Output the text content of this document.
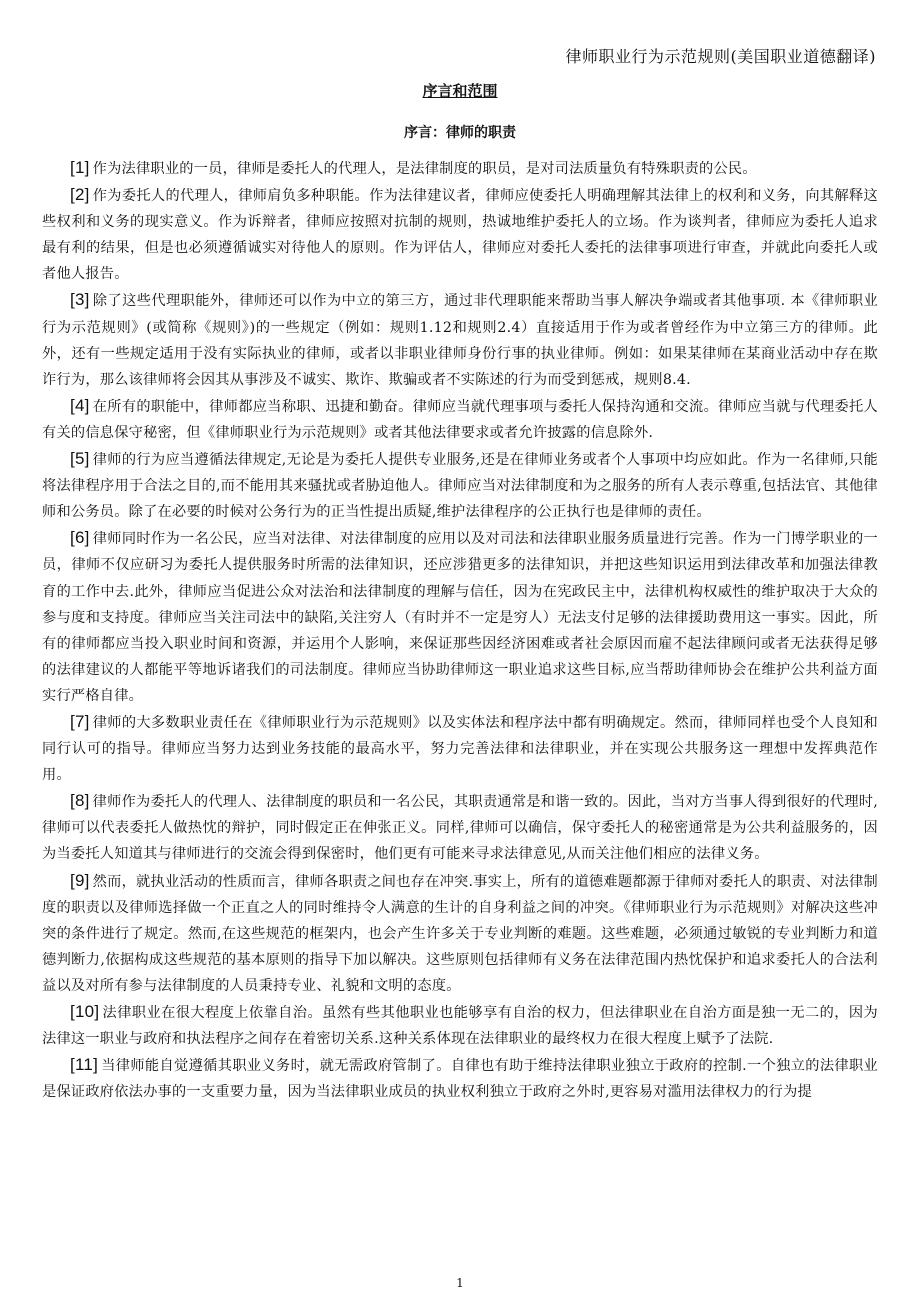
律师职业行为示范规则(美国职业道德翻译)
序言和范围
序言：律师的职责

[1] 作为法律职业的一员，律师是委托人的代理人，是法律制度的职员，是对司法质量负有特殊职责的公民。

[2] 作为委托人的代理人，律师肩负多种职能。作为法律建议者，律师应使委托人明确理解其法律上的权利和义务，向其解释这些权利和义务的现实意义。作为诉辩者，律师应按照对抗制的规则，热诚地维护委托人的立场。作为谈判者，律师应为委托人追求最有利的结果，但是也必须遵循诚实对待他人的原则。作为评估人，律师应对委托人委托的法律事项进行审查，并就此向委托人或者他人报告。

[3] 除了这些代理职能外，律师还可以作为中立的第三方，通过非代理职能来帮助当事人解决争端或者其他事项. 本《律师职业行为示范规则》(或简称《规则》)的一些规定（例如：规则1.12和规则2.4）直接适用于作为或者曾经作为中立第三方的律师。此外，还有一些规定适用于没有实际执业的律师，或者以非职业律师身份行事的执业律师。例如：如果某律师在某商业活动中存在欺诈行为，那么该律师将会因其从事涉及不诚实、欺诈、欺骗或者不实陈述的行为而受到惩戒，规则8.4.

[4] 在所有的职能中，律师都应当称职、迅捷和勤奋。律师应当就代理事项与委托人保持沟通和交流。律师应当就与代理委托人有关的信息保守秘密，但《律师职业行为示范规则》或者其他法律要求或者允许披露的信息除外.

[5] 律师的行为应当遵循法律规定,无论是为委托人提供专业服务,还是在律师业务或者个人事项中均应如此。作为一名律师,只能将法律程序用于合法之目的,而不能用其来骚扰或者胁迫他人。律师应当对法律制度和为之服务的所有人表示尊重,包括法官、其他律师和公务员。除了在必要的时候对公务行为的正当性提出质疑,维护法律程序的公正执行也是律师的责任。

[6] 律师同时作为一名公民，应当对法律、对法律制度的应用以及对司法和法律职业服务质量进行完善。作为一门博学职业的一员，律师不仅应研习为委托人提供服务时所需的法律知识，还应涉猎更多的法律知识，并把这些知识运用到法律改革和加强法律教育的工作中去.此外，律师应当促进公众对法治和法律制度的理解与信任，因为在宪政民主中，法律机构权威性的维护取决于大众的参与度和支持度。律师应当关注司法中的缺陷,关注穷人（有时并不一定是穷人）无法支付足够的法律援助费用这一事实。因此，所有的律师都应当投入职业时间和资源，并运用个人影响，来保证那些因经济困难或者社会原因而雇不起法律顾问或者无法获得足够的法律建议的人都能平等地诉诸我们的司法制度。律师应当协助律师这一职业追求这些目标,应当帮助律师协会在维护公共利益方面实行严格自律。

[7] 律师的大多数职业责任在《律师职业行为示范规则》以及实体法和程序法中都有明确规定。然而，律师同样也受个人良知和同行认可的指导。律师应当努力达到业务技能的最高水平，努力完善法律和法律职业，并在实现公共服务这一理想中发挥典范作用。

[8] 律师作为委托人的代理人、法律制度的职员和一名公民，其职责通常是和谐一致的。因此，当对方当事人得到很好的代理时,律师可以代表委托人做热忱的辩护，同时假定正在伸张正义。同样,律师可以确信，保守委托人的秘密通常是为公共利益服务的，因为当委托人知道其与律师进行的交流会得到保密时，他们更有可能来寻求法律意见,从而关注他们相应的法律义务。

[9] 然而，就执业活动的性质而言，律师各职责之间也存在冲突.事实上，所有的道德难题都源于律师对委托人的职责、对法律制度的职责以及律师选择做一个正直之人的同时维持令人满意的生计的自身利益之间的冲突。《律师职业行为示范规则》对解决这些冲突的条件进行了规定。然而,在这些规范的框架内，也会产生许多关于专业判断的难题。这些难题，必须通过敏锐的专业判断力和道德判断力,依据构成这些规范的基本原则的指导下加以解决。这些原则包括律师有义务在法律范围内热忱保护和追求委托人的合法利益以及对所有参与法律制度的人员秉持专业、礼貌和文明的态度。

[10] 法律职业在很大程度上依靠自治。虽然有些其他职业也能够享有自治的权力，但法律职业在自治方面是独一无二的，因为法律这一职业与政府和执法程序之间存在着密切关系.这种关系体现在法律职业的最终权力在很大程度上赋予了法院.

[11] 当律师能自觉遵循其职业义务时，就无需政府管制了。自律也有助于维持法律职业独立于政府的控制.一个独立的法律职业是保证政府依法办事的一支重要力量，因为当法律职业成员的执业权利独立于政府之外时,更容易对滥用法律权力的行为提

1
